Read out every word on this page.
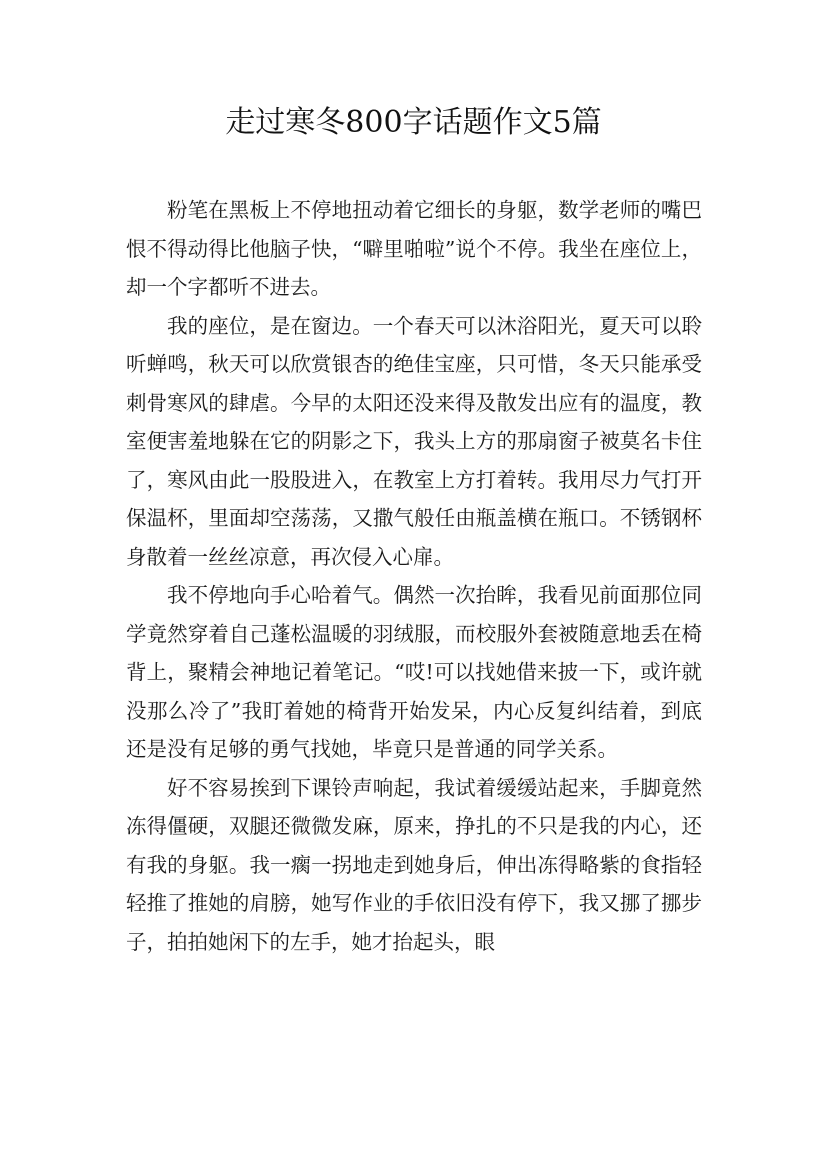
走过寒冬800字话题作文5篇

粉笔在黑板上不停地扭动着它细长的身躯，数学老师的嘴巴恨不得动得比他脑子快，“噼里啪啦”说个不停。我坐在座位上，却一个字都听不进去。

我的座位，是在窗边。一个春天可以沐浴阳光，夏天可以聆听蝉鸣，秋天可以欣赏银杏的绝佳宝座，只可惜，冬天只能承受刺骨寒风的肆虐。今早的太阳还没来得及散发出应有的温度，教室便害羞地躲在它的阴影之下，我头上方的那扇窗子被莫名卡住了，寒风由此一股股进入，在教室上方打着转。我用尽力气打开保温杯，里面却空荡荡，又撒气般任由瓶盖横在瓶口。不锈钢杯身散着一丝丝凉意，再次侵入心扉。

我不停地向手心哈着气。偶然一次抬眸，我看见前面那位同学竟然穿着自己蓬松温暖的羽绒服，而校服外套被随意地丢在椅背上，聚精会神地记着笔记。“哎!可以找她借来披一下，或许就没那么冷了”我盯着她的椅背开始发呆，内心反复纠结着，到底还是没有足够的勇气找她，毕竟只是普通的同学关系。

好不容易挨到下课铃声响起，我试着缓缓站起来，手脚竟然冻得僵硬，双腿还微微发麻，原来，挣扎的不只是我的内心，还有我的身躯。我一瘸一拐地走到她身后，伸出冻得略紫的食指轻轻推了推她的肩膀，她写作业的手依旧没有停下，我又挪了挪步子，拍拍她闲下的左手，她才抬起头，眼
